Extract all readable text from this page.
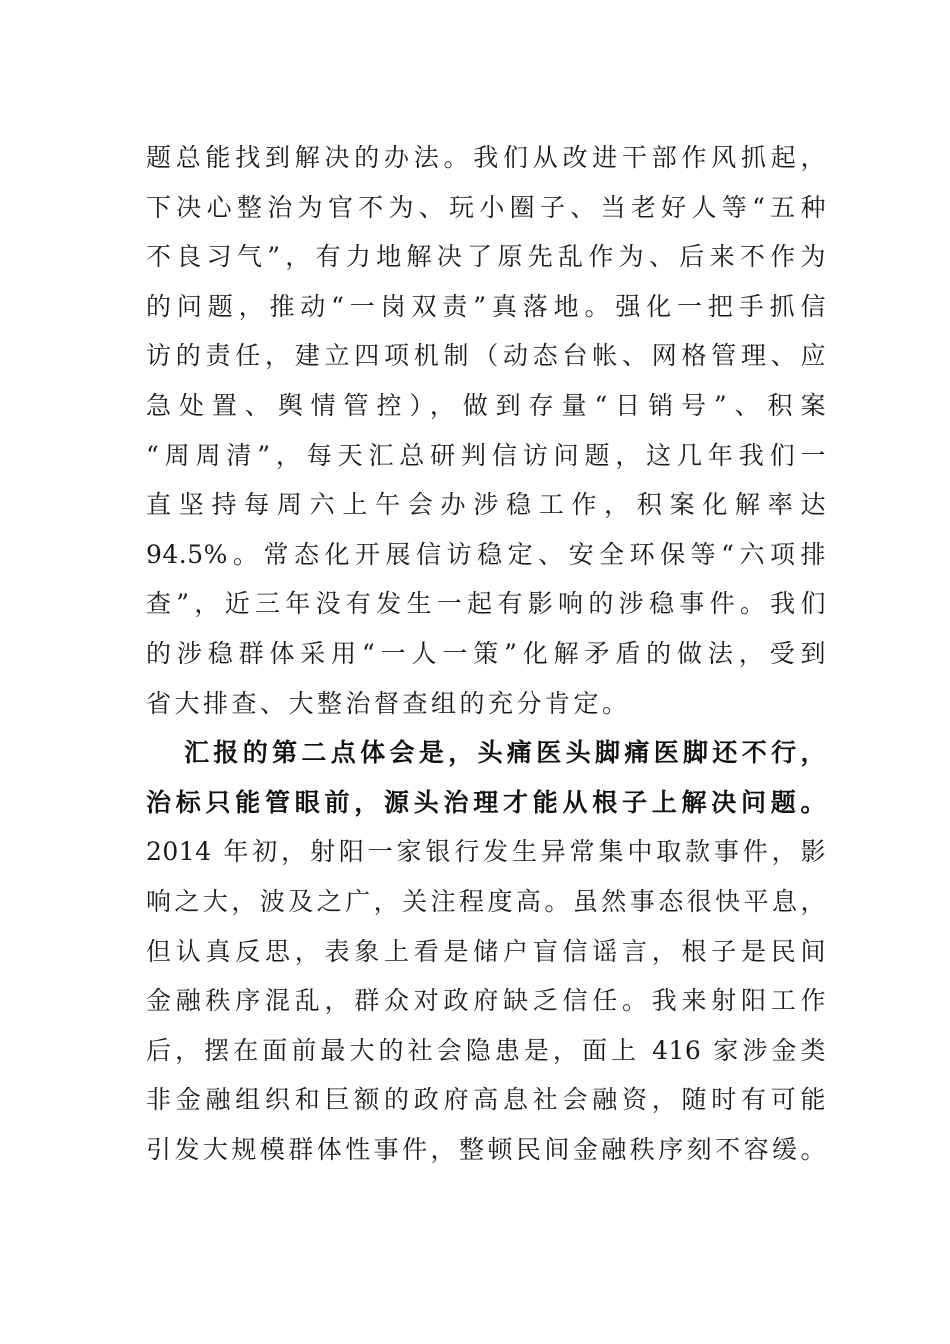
题总能找到解决的办法。我们从改进干部作风抓起，
下决心整治为官不为、玩小圈子、当老好人等“五种
不良习气”，有力地解决了原先乱作为、后来不作为
的问题，推动“一岗双责”真落地。强化一把手抓信
访的责任，建立四项机制（动态台帐、网格管理、应
急处置、舆情管控），做到存量“日销号”、积案
“周周清”，每天汇总研判信访问题，这几年我们一
直坚持每周六上午会办涉稳工作，积案化解率达
94.5%。常态化开展信访稳定、安全环保等“六项排
查”，近三年没有发生一起有影响的涉稳事件。我们
的涉稳群体采用“一人一策”化解矛盾的做法，受到
省大排查、大整治督查组的充分肯定。
汇报的第二点体会是，头痛医头脚痛医脚还不行，
治标只能管眼前，源头治理才能从根子上解决问题。
2014 年初，射阳一家银行发生异常集中取款事件，影
响之大，波及之广，关注程度高。虽然事态很快平息，
但认真反思，表象上看是储户盲信谣言，根子是民间
金融秩序混乱，群众对政府缺乏信任。我来射阳工作
后，摆在面前最大的社会隐患是，面上 416 家涉金类
非金融组织和巨额的政府高息社会融资，随时有可能
引发大规模群体性事件，整顿民间金融秩序刻不容缓。
